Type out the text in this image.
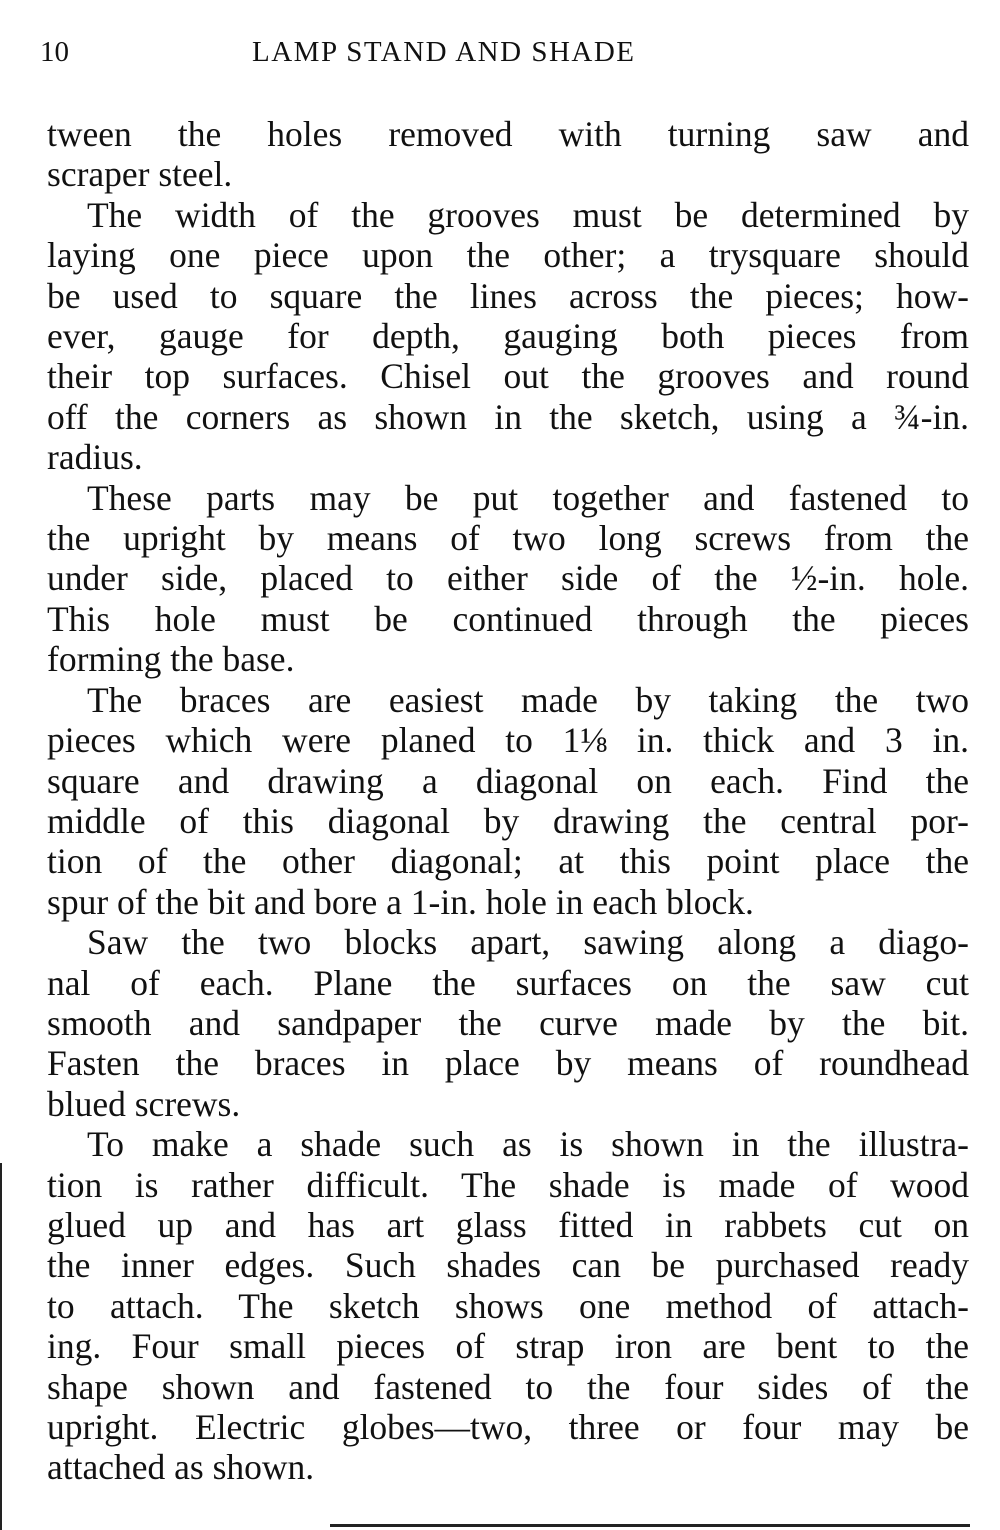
10	LAMP STAND AND SHADE

tween the holes removed with turning saw and
scraper steel.

The width of the grooves must be determined by
laying one piece upon the other; a trysquare should
be used to square the lines across the pieces; how-
ever, gauge for depth, gauging both pieces from
their top surfaces. Chisel out the grooves and round
off the corners as shown in the sketch, using a ¾-in.
radius.

These parts may be put together and fastened to
the upright by means of two long screws from the
under side, placed to either side of the ½-in. hole.
This hole must be continued through the pieces
forming the base.

The braces are easiest made by taking the two
pieces which were planed to 1⅛ in. thick and 3 in.
square and drawing a diagonal on each. Find the
middle of this diagonal by drawing the central por-
tion of the other diagonal; at this point place the
spur of the bit and bore a 1-in. hole in each block.

Saw the two blocks apart, sawing along a diago-
nal of each. Plane the surfaces on the saw cut
smooth and sandpaper the curve made by the bit.
Fasten the braces in place by means of roundhead
blued screws.

To make a shade such as is shown in the illustra-
tion is rather difficult. The shade is made of wood
glued up and has art glass fitted in rabbets cut on
the inner edges. Such shades can be purchased ready
to attach. The sketch shows one method of attach-
ing. Four small pieces of strap iron are bent to the
shape shown and fastened to the four sides of the
upright. Electric globes—two, three or four may be
attached as shown.
